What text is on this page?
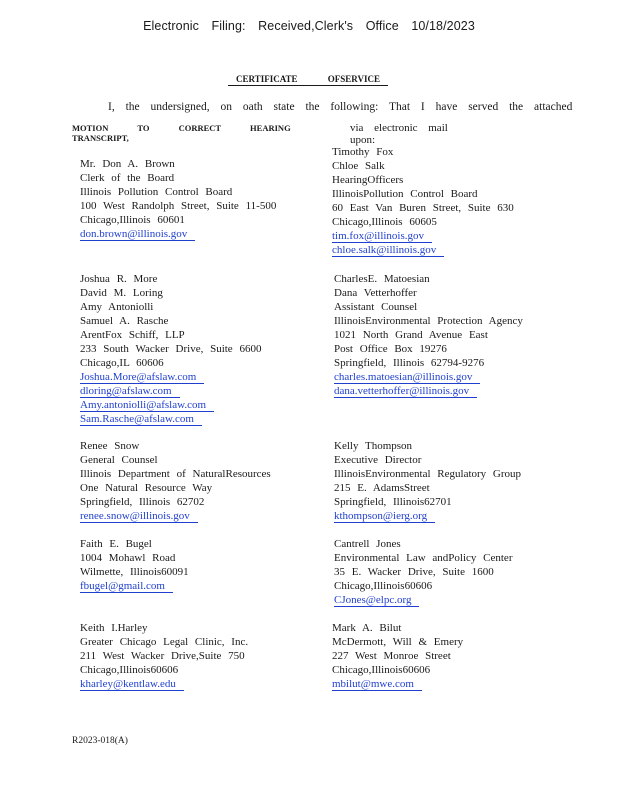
Electronic Filing: Received,Clerk's Office 10/18/2023
CERTIFICATE OFSERVICE
I, the undersigned, on oath state the following: That I have served the attached
MOTION TO CORRECT HEARING TRANSCRIPT,
via electronic mail upon:
Mr. Don A. Brown
Clerk of the Board
Illinois Pollution Control Board
100 West Randolph Street, Suite 11-500
Chicago,Illinois 60601
don.brown@illinois.gov
Joshua R. More
David M. Loring
Amy Antoniolli
Samuel A. Rasche
ArentFox Schiff, LLP
233 South Wacker Drive, Suite 6600
Chicago,IL 60606
Joshua.More@afslaw.com
dloring@afslaw.com
Amy.antoniolli@afslaw.com
Sam.Rasche@afslaw.com
Renee Snow
General Counsel
Illinois Department of NaturalResources
One Natural Resource Way
Springfield, Illinois 62702
renee.snow@illinois.gov
Faith E. Bugel
1004 Mohawl Road
Wilmette, Illinois60091
fbugel@gmail.com
Keith I.Harley
Greater Chicago Legal Clinic, Inc.
211 West Wacker Drive,Suite 750
Chicago,Illinois60606
kharley@kentlaw.edu
Timothy Fox
Chloe Salk
HearingOfficers
IllinoisPollution Control Board
60 East Van Buren Street, Suite 630
Chicago,Illinois 60605
tim.fox@illinois.gov
chloe.salk@illinois.gov
CharlesE. Matoesian
Dana Vetterhoffer
Assistant Counsel
IllinoisEnvironmental Protection Agency
1021 North Grand Avenue East
Post Office Box 19276
Springfield, Illinois 62794-9276
charles.matoesian@illinois.gov
dana.vetterhoffer@illinois.gov
Kelly Thompson
Executive Director
IllinoisEnvironmental Regulatory Group
215 E. AdamsStreet
Springfield, Illinois62701
kthompson@ierg.org
Cantrell Jones
Environmental Law andPolicy Center
35 E. Wacker Drive, Suite 1600
Chicago,Illinois60606
CJones@elpc.org
Mark A. Bilut
McDermott, Will & Emery
227 West Monroe Street
Chicago,Illinois60606
mbilut@mwe.com
R2023-018(A)
